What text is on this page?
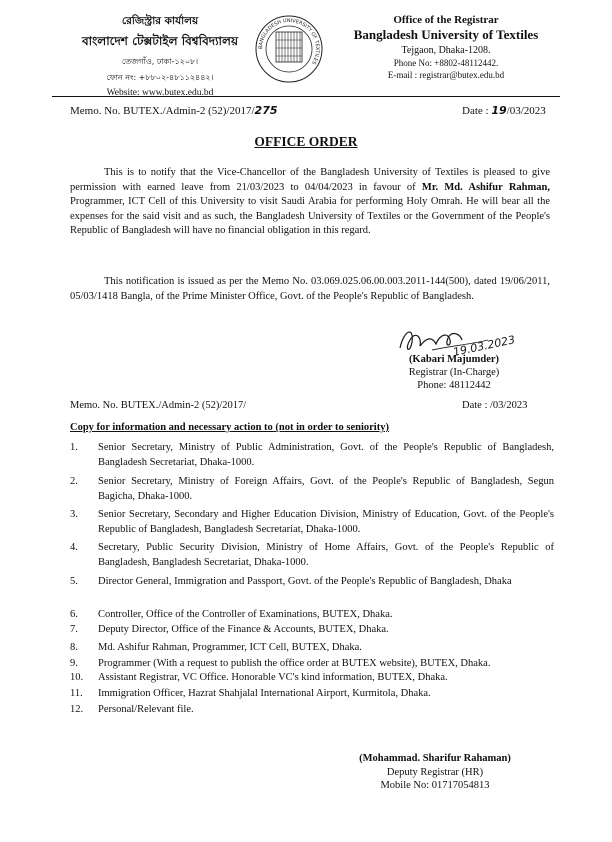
রেজিস্ট্রার কার্যালয়
বাংলাদেশ টেক্সটাইল বিশ্ববিদ্যালয়
তেজগাঁও, ঢাকা-১২০৮।
ফোন নং: +৮৮০২-৪৮১১২৪৪২।
Website: www.butex.edu.bd
BANGLADESH UNIVERSITY OF TEXTILES
Office of the Registrar
Bangladesh University of Textiles
Tejgaon, Dhaka-1208.
Phone No: +8802-48112442.
E-mail : registrar@butex.edu.bd
Memo. No. BUTEX./Admin-2 (52)/2017/275	Date : 19/03/2023
OFFICE ORDER

This is to notify that the Vice-Chancellor of the Bangladesh University of Textiles is pleased to give permission with earned leave from 21/03/2023 to 04/04/2023 in favour of Mr. Md. Ashifur Rahman, Programmer, ICT Cell of this University to visit Saudi Arabia for performing Holy Omrah. He will bear all the expenses for the said visit and as such, the Bangladesh University of Textiles or the Government of the People's Republic of Bangladesh will have no financial obligation in this regard.

This notification is issued as per the Memo No. 03.069.025.06.00.003.2011-144(500), dated 19/06/2011, 05/03/1418 Bangla, of the Prime Minister Office, Govt. of the People's Republic of Bangladesh.

19.03.2023
(Kabari Majumder)
Registrar (In-Charge)
Phone: 48112442
Memo. No. BUTEX./Admin-2 (52)/2017/	Date : /03/2023
Copy for information and necessary action to (not in order to seniority)
1.	Senior Secretary, Ministry of Public Administration, Govt. of the People's Republic of Bangladesh, Bangladesh Secretariat, Dhaka-1000.
2.	Senior Secretary, Ministry of Foreign Affairs, Govt. of the People's Republic of Bangladesh, Segun Bagicha, Dhaka-1000.
3.	Senior Secretary, Secondary and Higher Education Division, Ministry of Education, Govt. of the People's Republic of Bangladesh, Bangladesh Secretariat, Dhaka-1000.
4.	Secretary, Public Security Division, Ministry of Home Affairs, Govt. of the People's Republic of Bangladesh, Bangladesh Secretariat, Dhaka-1000.
5.	Director General, Immigration and Passport, Govt. of the People's Republic of Bangladesh, Dhaka
6.	Controller, Office of the Controller of Examinations, BUTEX, Dhaka.
7.	Deputy Director, Office of the Finance & Accounts, BUTEX, Dhaka.
8.	Md. Ashifur Rahman, Programmer, ICT Cell, BUTEX, Dhaka.
9.	Programmer (With a request to publish the office order at BUTEX website), BUTEX, Dhaka.
10.	Assistant Registrar, VC Office. Honorable VC's kind information, BUTEX, Dhaka.
11.	Immigration Officer, Hazrat Shahjalal International Airport, Kurmitola, Dhaka.
12.	Personal/Relevant file.
(Mohammad. Sharifur Rahaman)
Deputy Registrar (HR)
Mobile No: 01717054813
